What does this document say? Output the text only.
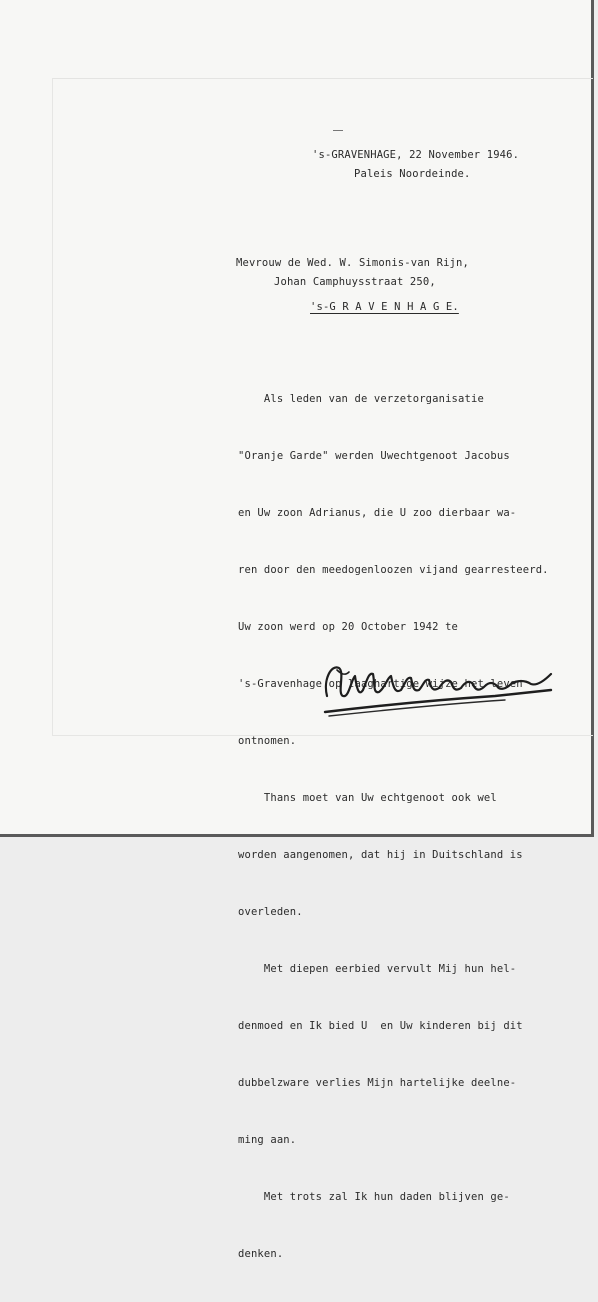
's-GRAVENHAGE, 22 November 1946.
Paleis Noordeinde.
Mevrouw de Wed. W. Simonis-van Rijn,
Johan Camphuysstraat 250,
's-G R A V E N H A G E.

Als leden van de verzetorganisatie

"Oranje Garde" werden Uwechtgenoot Jacobus

en Uw zoon Adrianus, die U zoo dierbaar wa-

ren door den meedogenloozen vijand gearresteerd.

Uw zoon werd op 20 October 1942 te

's-Gravenhage op laaghartige wijze het leven

ontnomen.

Thans moet van Uw echtgenoot ook wel

worden aangenomen, dat hij in Duitschland is

overleden.

Met diepen eerbied vervult Mij hun hel-

denmoed en Ik bied U  en Uw kinderen bij dit

dubbelzware verlies Mijn hartelijke deelne-

ming aan.

Met trots zal Ik hun daden blijven ge-

denken.
